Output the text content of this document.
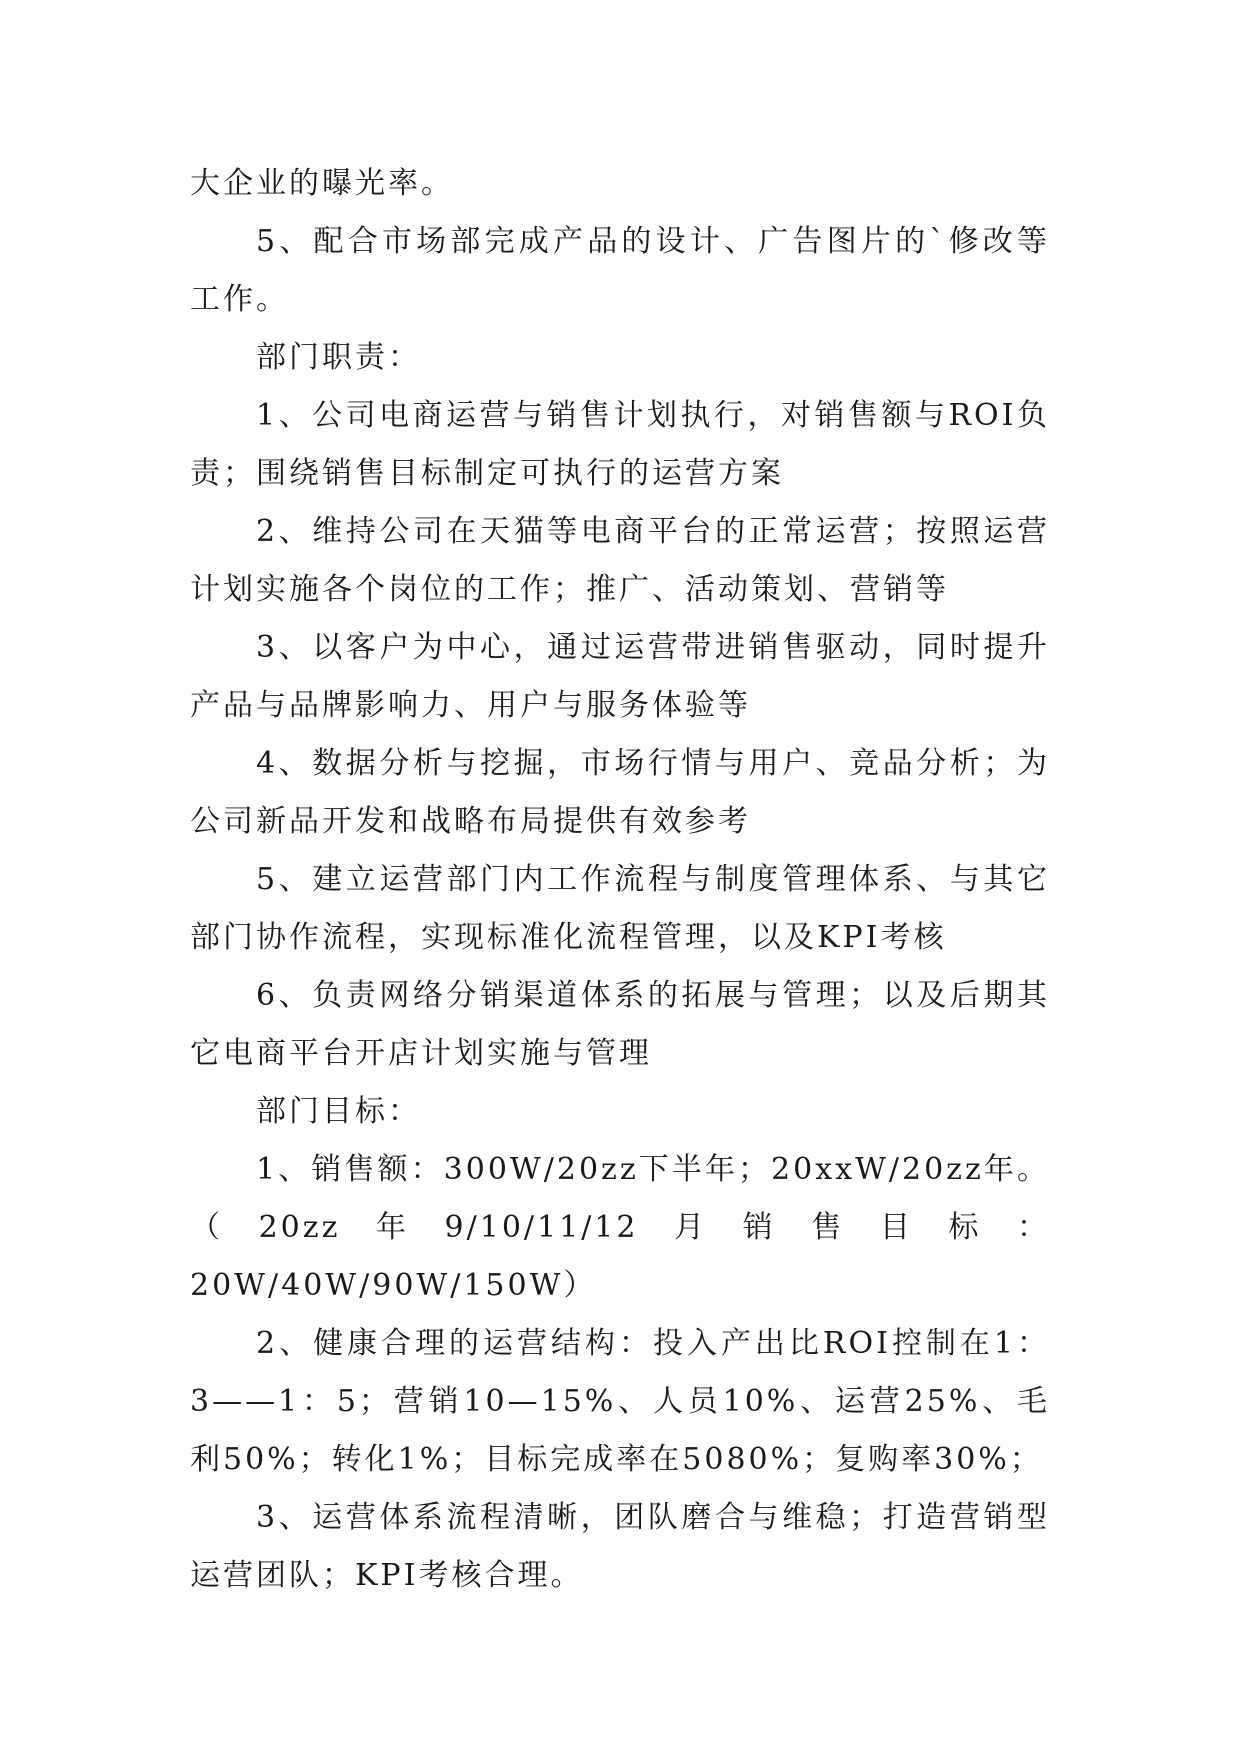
大企业的曝光率。

5、配合市场部完成产品的设计、广告图片的`修改等工作。

部门职责：

1、公司电商运营与销售计划执行，对销售额与ROI负责；围绕销售目标制定可执行的运营方案

2、维持公司在天猫等电商平台的正常运营；按照运营计划实施各个岗位的工作；推广、活动策划、营销等

3、以客户为中心，通过运营带进销售驱动，同时提升产品与品牌影响力、用户与服务体验等

4、数据分析与挖掘，市场行情与用户、竞品分析；为公司新品开发和战略布局提供有效参考

5、建立运营部门内工作流程与制度管理体系、与其它部门协作流程，实现标准化流程管理，以及KPI考核

6、负责网络分销渠道体系的拓展与管理；以及后期其它电商平台开店计划实施与管理

部门目标：

1、销售额：300W/20zz下半年；20xxW/20zz年。（20zz年9/10/11/12月销售目标：20W/40W/90W/150W）

2、健康合理的运营结构：投入产出比ROI控制在1：3——1：5；营销10—15%、人员10%、运营25%、毛利50%；转化1%；目标完成率在5080%；复购率30%；

3、运营体系流程清晰，团队磨合与维稳；打造营销型运营团队；KPI考核合理。
